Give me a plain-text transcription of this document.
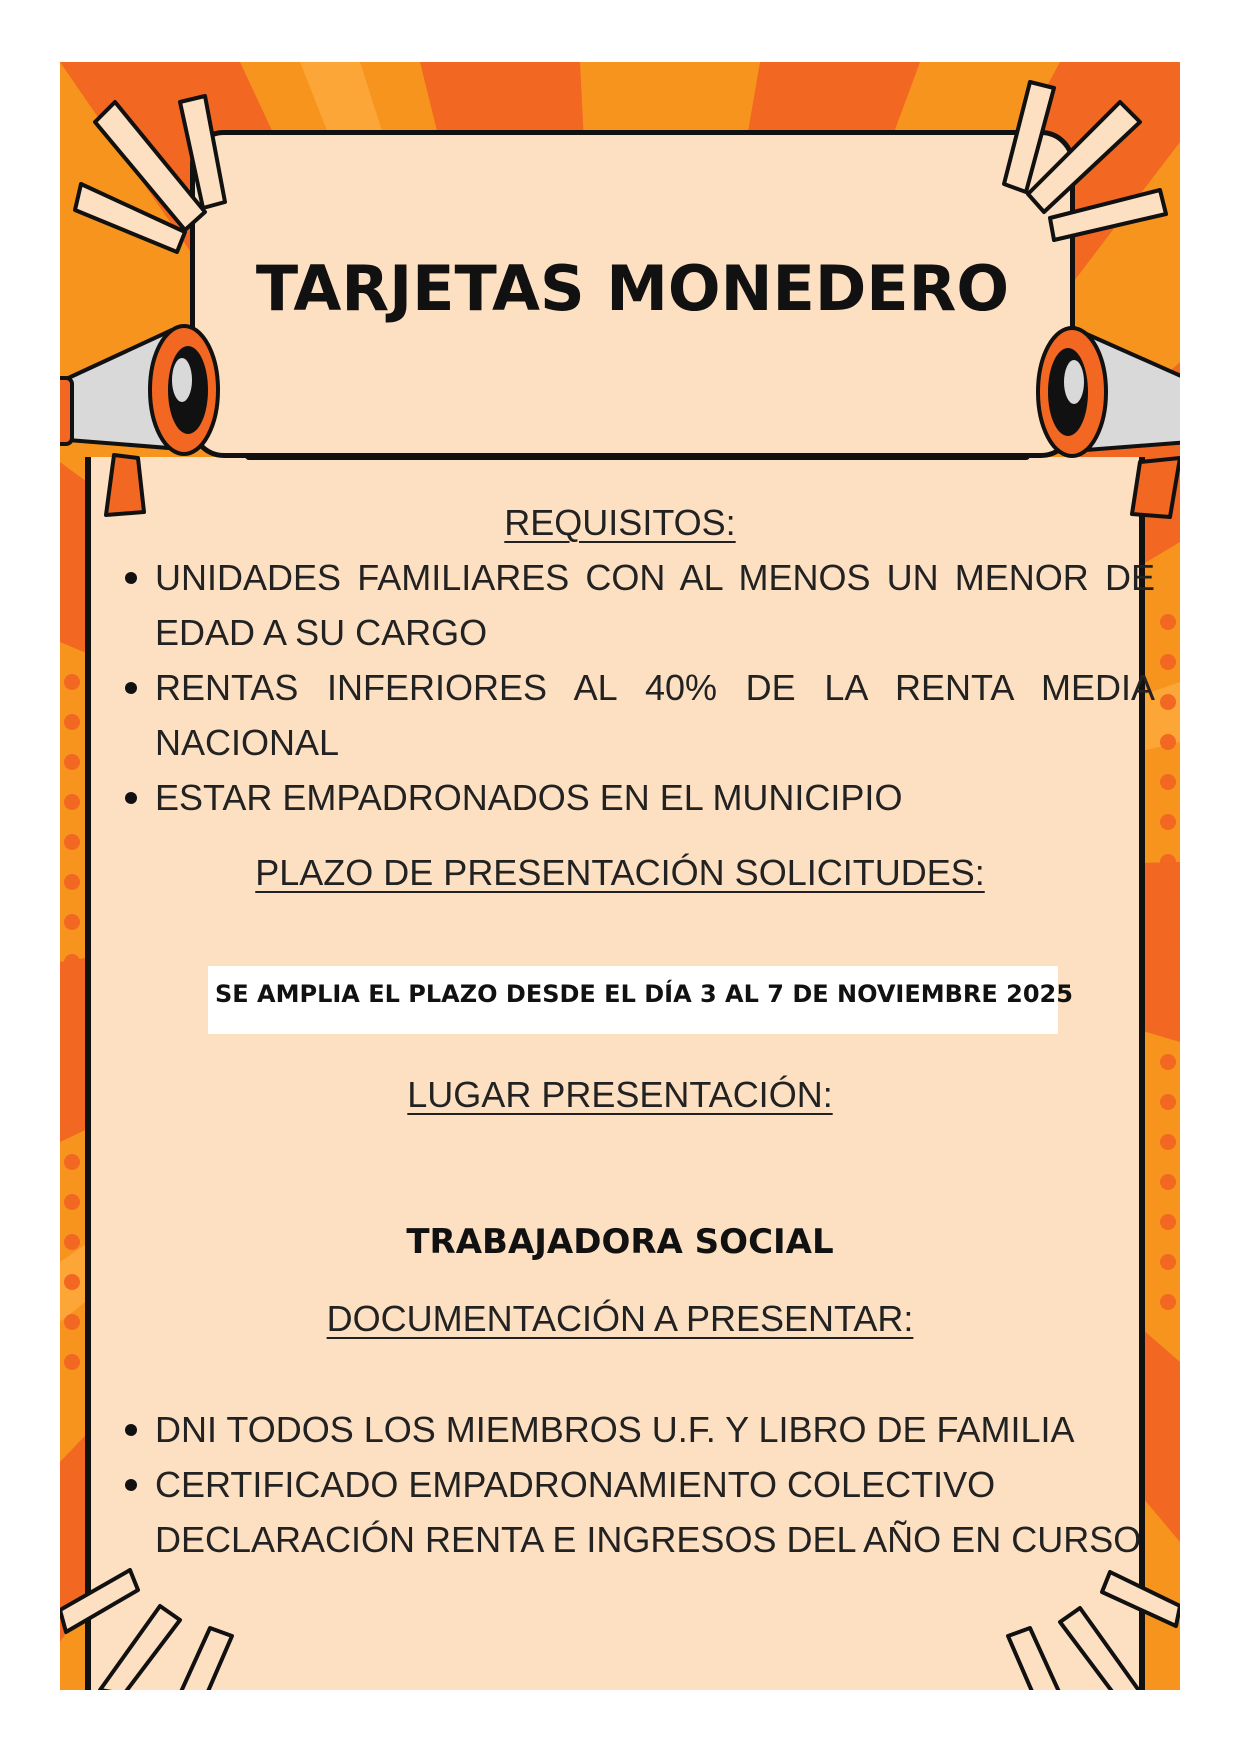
TARJETAS MONEDERO
REQUISITOS:
UNIDADES FAMILIARES CON AL MENOS UN MENOR DE EDAD A SU CARGO
RENTAS INFERIORES AL 40% DE LA RENTA MEDIA NACIONAL
ESTAR EMPADRONADOS EN EL MUNICIPIO
PLAZO DE PRESENTACIÓN SOLICITUDES:
SE AMPLIA EL PLAZO DESDE EL DÍA 3 AL 7 DE NOVIEMBRE 2025
LUGAR PRESENTACIÓN:
TRABAJADORA SOCIAL
DOCUMENTACIÓN A PRESENTAR:
DNI TODOS LOS MIEMBROS U.F. Y LIBRO DE FAMILIA
CERTIFICADO EMPADRONAMIENTO COLECTIVO
DECLARACIÓN RENTA E INGRESOS DEL AÑO EN CURSO
